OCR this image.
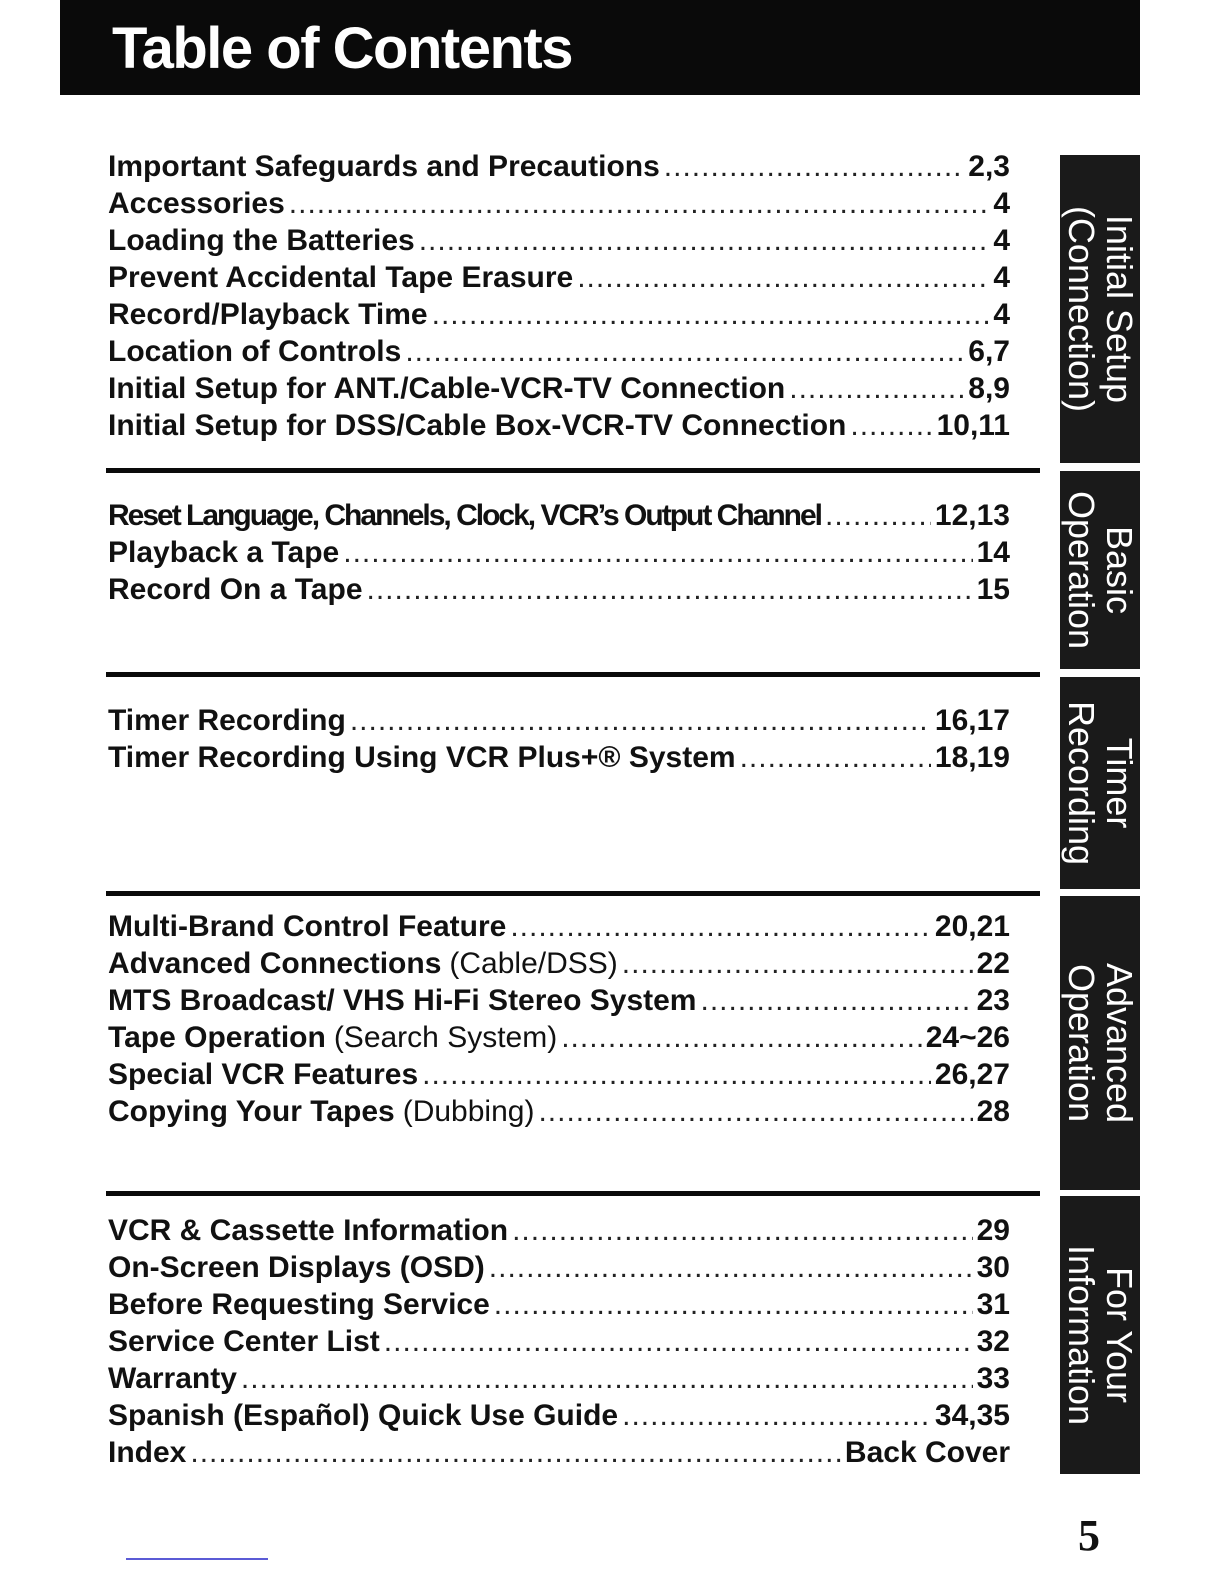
Table of Contents
Important Safeguards and Precautions .....	2,3
Accessories .....	4
Loading the Batteries .....	4
Prevent Accidental Tape Erasure .....	4
Record/Playback Time .....	4
Location of Controls .....	6,7
Initial Setup for ANT./Cable-VCR-TV Connection .....	8,9
Initial Setup for DSS/Cable Box-VCR-TV Connection .....	10,11
Reset Language, Channels, Clock, VCR’s Output Channel .....	12,13
Playback a Tape .....	14
Record On a Tape .....	15
Timer Recording .....	16,17
Timer Recording Using VCR Plus+® System .....	18,19
Multi-Brand Control Feature .....	20,21
Advanced Connections (Cable/DSS) .....	22
MTS Broadcast/ VHS Hi-Fi Stereo System .....	23
Tape Operation (Search System) .....	24~26
Special VCR Features .....	26,27
Copying Your Tapes (Dubbing) .....	28
VCR & Cassette Information .....	29
On-Screen Displays (OSD) .....	30
Before Requesting Service .....	31
Service Center List .....	32
Warranty .....	33
Spanish (Español) Quick Use Guide .....	34,35
Index .....	Back Cover
Initial Setup
(Connection)
Basic
Operation
Timer
Recording
Advanced
Operation
For Your
Information
5
